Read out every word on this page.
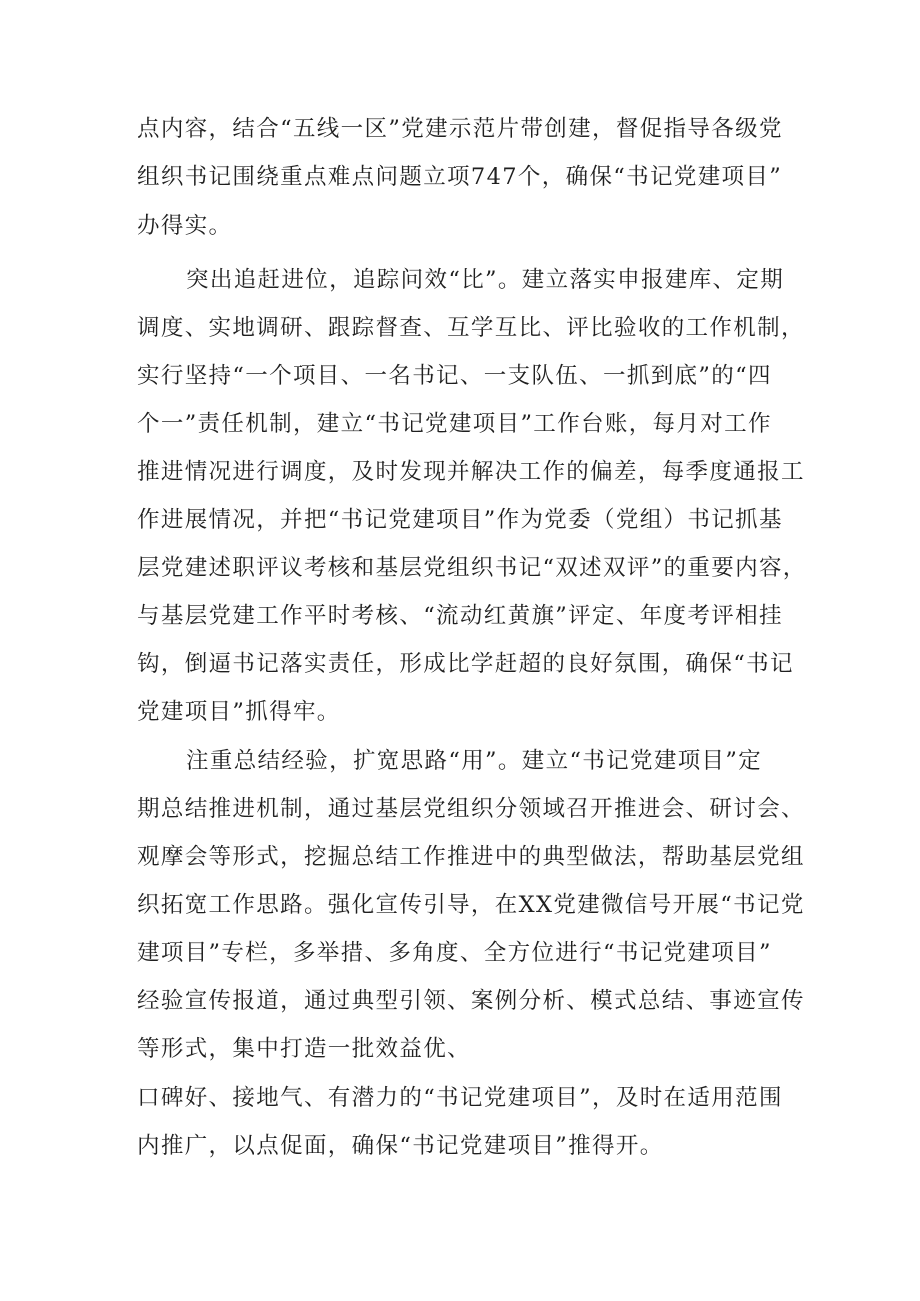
点内容，结合“五线一区”党建示范片带创建，督促指导各级党

组织书记围绕重点难点问题立项747个，确保“书记党建项目”

办得实。

突出追赶进位，追踪问效“比”。建立落实申报建库、定期

调度、实地调研、跟踪督查、互学互比、评比验收的工作机制，

实行坚持“一个项目、一名书记、一支队伍、一抓到底”的“四

个一”责任机制，建立“书记党建项目”工作台账，每月对工作

推进情况进行调度，及时发现并解决工作的偏差，每季度通报工

作进展情况，并把“书记党建项目”作为党委（党组）书记抓基

层党建述职评议考核和基层党组织书记“双述双评”的重要内容，

与基层党建工作平时考核、“流动红黄旗”评定、年度考评相挂

钩，倒逼书记落实责任，形成比学赶超的良好氛围，确保“书记

党建项目”抓得牢。

注重总结经验，扩宽思路“用”。建立“书记党建项目”定

期总结推进机制，通过基层党组织分领域召开推进会、研讨会、

观摩会等形式，挖掘总结工作推进中的典型做法，帮助基层党组

织拓宽工作思路。强化宣传引导，在XX党建微信号开展“书记党

建项目”专栏，多举措、多角度、全方位进行“书记党建项目”

经验宣传报道，通过典型引领、案例分析、模式总结、事迹宣传

等形式，集中打造一批效益优、

口碑好、接地气、有潜力的“书记党建项目”，及时在适用范围

内推广，以点促面，确保“书记党建项目”推得开。
